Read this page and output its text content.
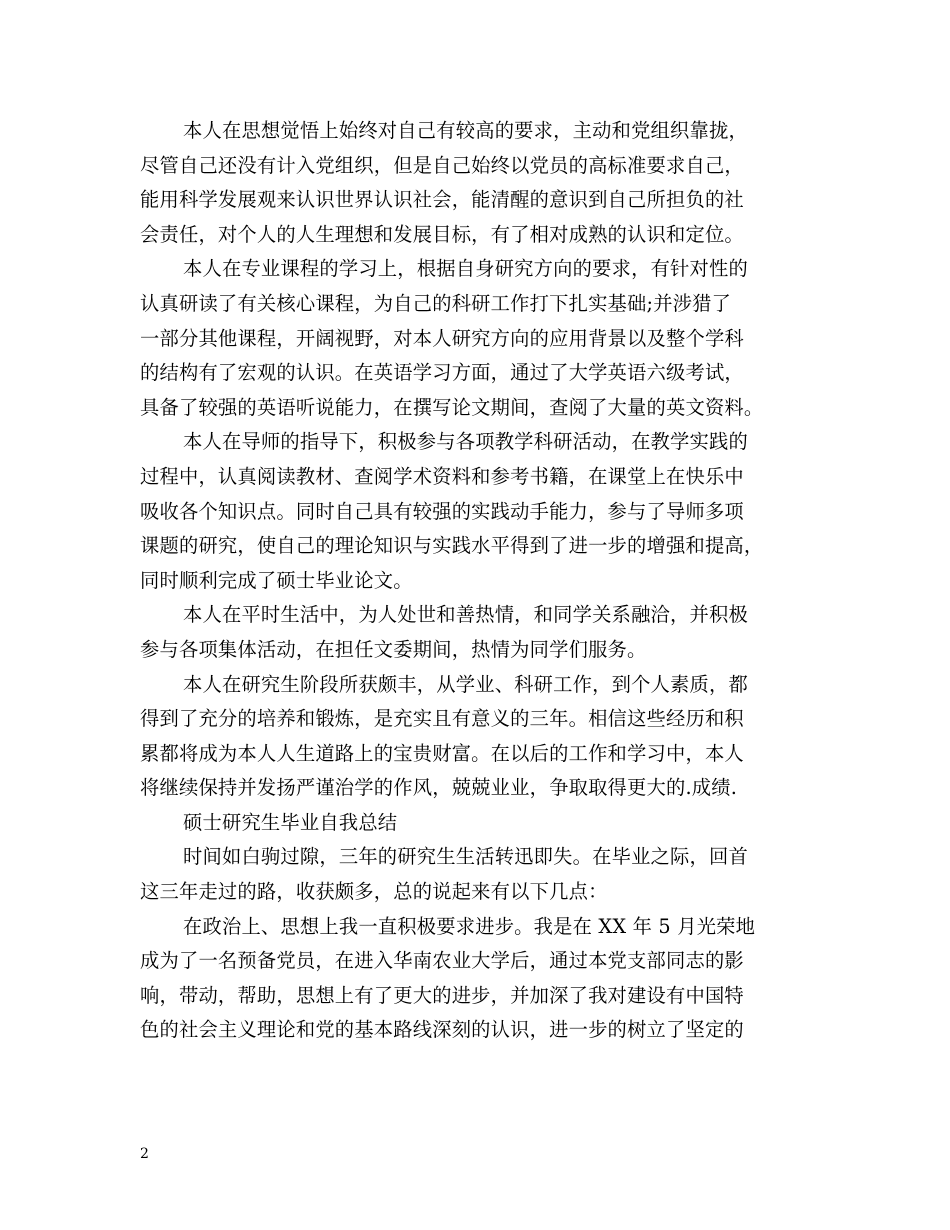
本人在思想觉悟上始终对自己有较高的要求，主动和党组织靠拢，
尽管自己还没有计入党组织，但是自己始终以党员的高标准要求自己，
能用科学发展观来认识世界认识社会，能清醒的意识到自己所担负的社
会责任，对个人的人生理想和发展目标，有了相对成熟的认识和定位。
本人在专业课程的学习上，根据自身研究方向的要求，有针对性的
认真研读了有关核心课程，为自己的科研工作打下扎实基础;并涉猎了
一部分其他课程，开阔视野，对本人研究方向的应用背景以及整个学科
的结构有了宏观的认识。在英语学习方面，通过了大学英语六级考试，
具备了较强的英语听说能力，在撰写论文期间，查阅了大量的英文资料。
本人在导师的指导下，积极参与各项教学科研活动，在教学实践的
过程中，认真阅读教材、查阅学术资料和参考书籍，在课堂上在快乐中
吸收各个知识点。同时自己具有较强的实践动手能力，参与了导师多项
课题的研究，使自己的理论知识与实践水平得到了进一步的增强和提高，
同时顺利完成了硕士毕业论文。
本人在平时生活中，为人处世和善热情，和同学关系融洽，并积极
参与各项集体活动，在担任文委期间，热情为同学们服务。
本人在研究生阶段所获颇丰，从学业、科研工作，到个人素质，都
得到了充分的培养和锻炼，是充实且有意义的三年。相信这些经历和积
累都将成为本人人生道路上的宝贵财富。在以后的工作和学习中，本人
将继续保持并发扬严谨治学的作风，兢兢业业，争取取得更大的.成绩.
硕士研究生毕业自我总结
时间如白驹过隙，三年的研究生生活转迅即失。在毕业之际，回首
这三年走过的路，收获颇多，总的说起来有以下几点：
在政治上、思想上我一直积极要求进步。我是在 XX 年 5 月光荣地
成为了一名预备党员，在进入华南农业大学后，通过本党支部同志的影
响，带动，帮助，思想上有了更大的进步，并加深了我对建设有中国特
色的社会主义理论和党的基本路线深刻的认识，进一步的树立了坚定的
2
